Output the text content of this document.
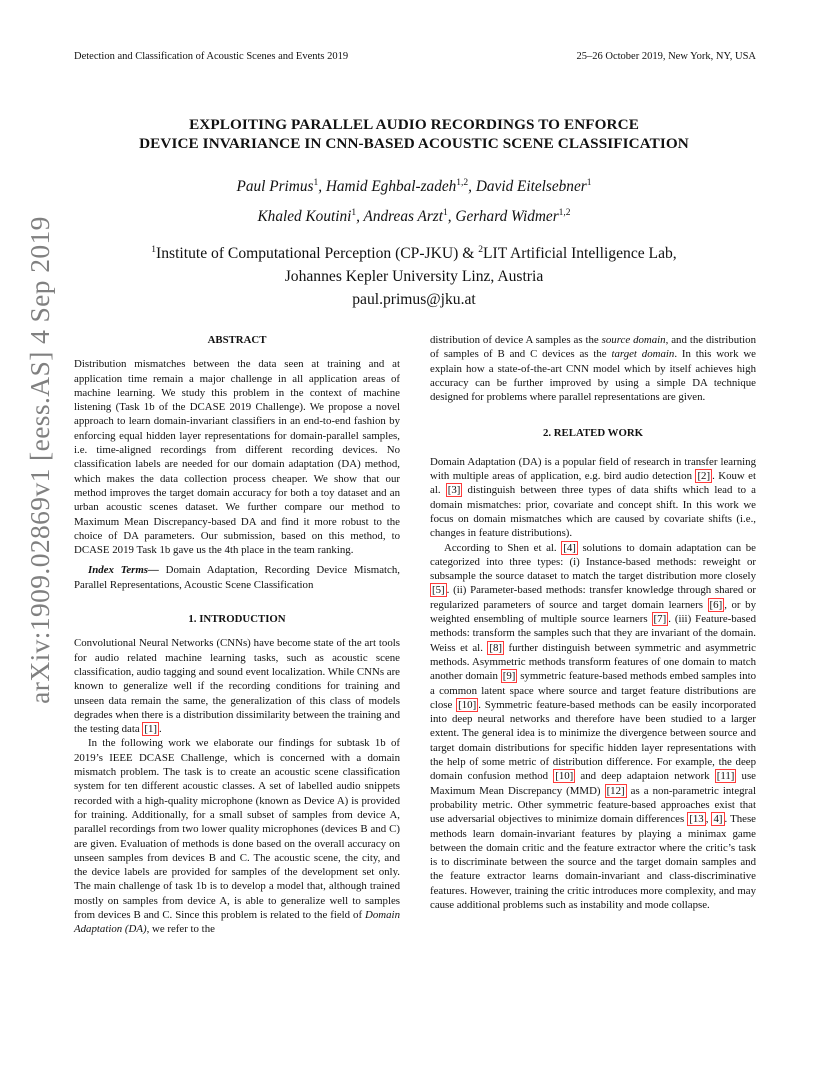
Detection and Classification of Acoustic Scenes and Events 2019	25–26 October 2019, New York, NY, USA
EXPLOITING PARALLEL AUDIO RECORDINGS TO ENFORCE
DEVICE INVARIANCE IN CNN-BASED ACOUSTIC SCENE CLASSIFICATION
Paul Primus$^1$, Hamid Eghbal-zadeh$^{1,2}$, David Eitelsebner$^1$
Khaled Koutini$^1$, Andreas Arzt$^1$, Gerhard Widmer$^{1,2}$
$^1$Institute of Computational Perception (CP-JKU) & $^2$LIT Artificial Intelligence Lab,
Johannes Kepler University Linz, Austria
paul.primus@jku.at
arXiv:1909.02869v1 [eess.AS] 4 Sep 2019	ABSTRACT

Distribution mismatches between the data seen at training and at application time remain a major challenge in all application areas of machine learning. We study this problem in the context of machine listening (Task 1b of the DCASE 2019 Challenge). We propose a novel approach to learn domain-invariant classifiers in an end-to-end fashion by enforcing equal hidden layer representations for domain-parallel samples, i.e. time-aligned recordings from different recording devices. No classification labels are needed for our domain adaptation (DA) method, which makes the data collection process cheaper. We show that our method improves the target domain accuracy for both a toy dataset and an urban acoustic scenes dataset. We further compare our method to Maximum Mean Discrepancy-based DA and find it more robust to the choice of DA parameters. Our submission, based on this method, to DCASE 2019 Task 1b gave us the 4th place in the team ranking.

Index Terms— Domain Adaptation, Recording Device Mismatch, Parallel Representations, Acoustic Scene Classification

1. INTRODUCTION

Convolutional Neural Networks (CNNs) have become state of the art tools for audio related machine learning tasks, such as acoustic scene classification, audio tagging and sound event localization. While CNNs are known to generalize well if the recording conditions for training and unseen data remain the same, the generalization of this class of models degrades when there is a distribution dissimilarity between the training and the testing data [1] .

In the following work we elaborate our findings for subtask 1b of 2019’s IEEE DCASE Challenge, which is concerned with a domain mismatch problem. The task is to create an acoustic scene classification system for ten different acoustic classes. A set of labelled audio snippets recorded with a high-quality microphone (known as Device A) is provided for training. Additionally, for a small subset of samples from device A, parallel recordings from two lower quality microphones (devices B and C) are given. Evaluation of methods is done based on the overall accuracy on unseen samples from devices B and C. The acoustic scene, the city, and the device labels are provided for samples of the development set only. The main challenge of task 1b is to develop a model that, although trained mostly on samples from device A, is able to generalize well to samples from devices B and C. Since this problem is related to the field of Domain Adaptation (DA), we refer to the

distribution of device A samples as the source domain, and the distribution of samples of B and C devices as the target domain. In this work we explain how a state-of-the-art CNN model which by itself achieves high accuracy can be further improved by using a simple DA technique designed for problems where parallel representations are given.

2. RELATED WORK

Domain Adaptation (DA) is a popular field of research in transfer learning with multiple areas of application, e.g. bird audio detection [2] . Kouw et al. [3] distinguish between three types of data shifts which lead to a domain mismatches: prior, covariate and concept shift. In this work we focus on domain mismatches which are caused by covariate shifts (i.e., changes in feature distributions).

According to Shen et al. [4] solutions to domain adaptation can be categorized into three types: (i) Instance-based methods: reweight or subsample the source dataset to match the target distribution more closely [5] . (ii) Parameter-based methods: transfer knowledge through shared or regularized parameters of source and target domain learners [6] , or by weighted ensembling of multiple source learners [7] . (iii) Feature-based methods: transform the samples such that they are invariant of the domain. Weiss et al. [8] further distinguish between symmetric and asymmetric methods. Asymmetric methods transform features of one domain to match another domain [9] symmetric feature-based methods embed samples into a common latent space where source and target feature distributions are close [10] . Symmetric feature-based methods can be easily incorporated into deep neural networks and therefore have been studied to a larger extent. The general idea is to minimize the divergence between source and target domain distributions for specific hidden layer representations with the help of some metric of distribution difference. For example, the deep domain confusion method [10] and deep adaptaion network [11] use Maximum Mean Discrepancy (MMD) [12] as a non-parametric integral probability metric. Other symmetric feature-based approaches exist that use adversarial objectives to minimize domain differences [13 , 4] . These methods learn domain-invariant features by playing a minimax game between the domain critic and the feature extractor where the critic’s task is to discriminate between the source and the target domain samples and the feature extractor learns domain-invariant and class-discriminative features. However, training the critic introduces more complexity, and may cause additional problems such as instability and mode collapse.
